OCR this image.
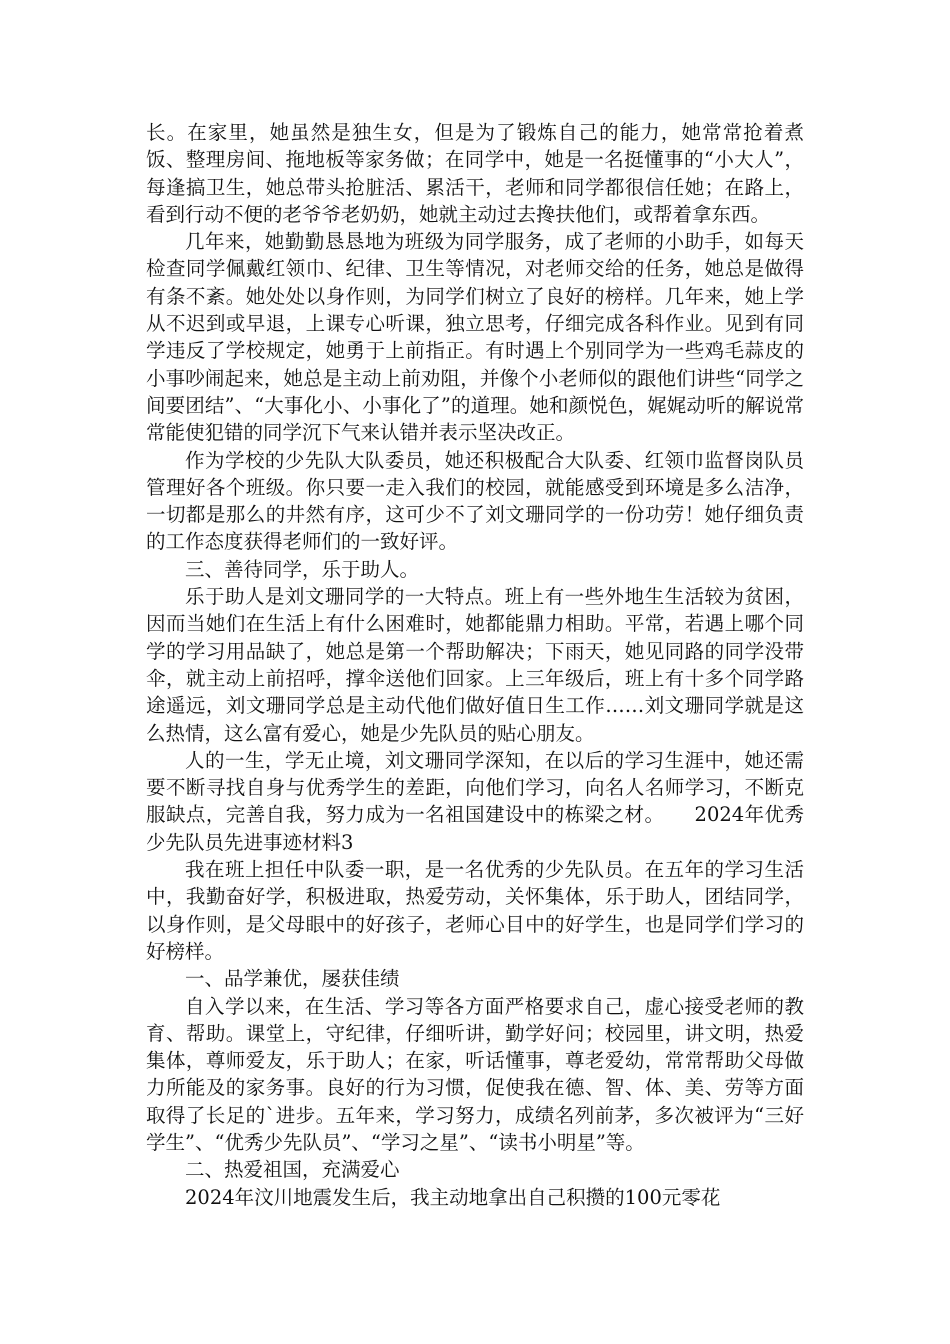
长。在家里，她虽然是独生女，但是为了锻炼自己的能力，她常常抢着煮饭、整理房间、拖地板等家务做；在同学中，她是一名挺懂事的“小大人”，每逢搞卫生，她总带头抢脏活、累活干，老师和同学都很信任她；在路上，看到行动不便的老爷爷老奶奶，她就主动过去搀扶他们，或帮着拿东西。

几年来，她勤勤恳恳地为班级为同学服务，成了老师的小助手，如每天检查同学佩戴红领巾、纪律、卫生等情况，对老师交给的任务，她总是做得有条不紊。她处处以身作则，为同学们树立了良好的榜样。几年来，她上学从不迟到或早退，上课专心听课，独立思考，仔细完成各科作业。见到有同学违反了学校规定，她勇于上前指正。有时遇上个别同学为一些鸡毛蒜皮的小事吵闹起来，她总是主动上前劝阻，并像个小老师似的跟他们讲些“同学之间要团结”、“大事化小、小事化了”的道理。她和颜悦色，娓娓动听的解说常常能使犯错的同学沉下气来认错并表示坚决改正。

作为学校的少先队大队委员，她还积极配合大队委、红领巾监督岗队员管理好各个班级。你只要一走入我们的校园，就能感受到环境是多么洁净，一切都是那么的井然有序，这可少不了刘文珊同学的一份功劳！她仔细负责的工作态度获得老师们的一致好评。

三、善待同学，乐于助人。

乐于助人是刘文珊同学的一大特点。班上有一些外地生生活较为贫困，因而当她们在生活上有什么困难时，她都能鼎力相助。平常，若遇上哪个同学的学习用品缺了，她总是第一个帮助解决；下雨天，她见同路的同学没带伞，就主动上前招呼，撑伞送他们回家。上三年级后，班上有十多个同学路途遥远，刘文珊同学总是主动代他们做好值日生工作……刘文珊同学就是这么热情，这么富有爱心，她是少先队员的贴心朋友。

人的一生，学无止境，刘文珊同学深知，在以后的学习生涯中，她还需要不断寻找自身与优秀学生的差距，向他们学习，向名人名师学习，不断克服缺点，完善自我，努力成为一名祖国建设中的栋梁之材。　　2024年优秀少先队员先进事迹材料3

我在班上担任中队委一职，是一名优秀的少先队员。在五年的学习生活中，我勤奋好学，积极进取，热爱劳动，关怀集体，乐于助人，团结同学，以身作则，是父母眼中的好孩子，老师心目中的好学生，也是同学们学习的好榜样。

一、品学兼优，屡获佳绩

自入学以来，在生活、学习等各方面严格要求自己，虚心接受老师的教育、帮助。课堂上，守纪律，仔细听讲，勤学好问；校园里，讲文明，热爱集体，尊师爱友，乐于助人；在家，听话懂事，尊老爱幼，常常帮助父母做力所能及的家务事。良好的行为习惯，促使我在德、智、体、美、劳等方面取得了长足的`进步。五年来，学习努力，成绩名列前茅，多次被评为“三好学生”、“优秀少先队员”、“学习之星”、“读书小明星”等。

二、热爱祖国，充满爱心

2024年汶川地震发生后，我主动地拿出自己积攒的100元零花
